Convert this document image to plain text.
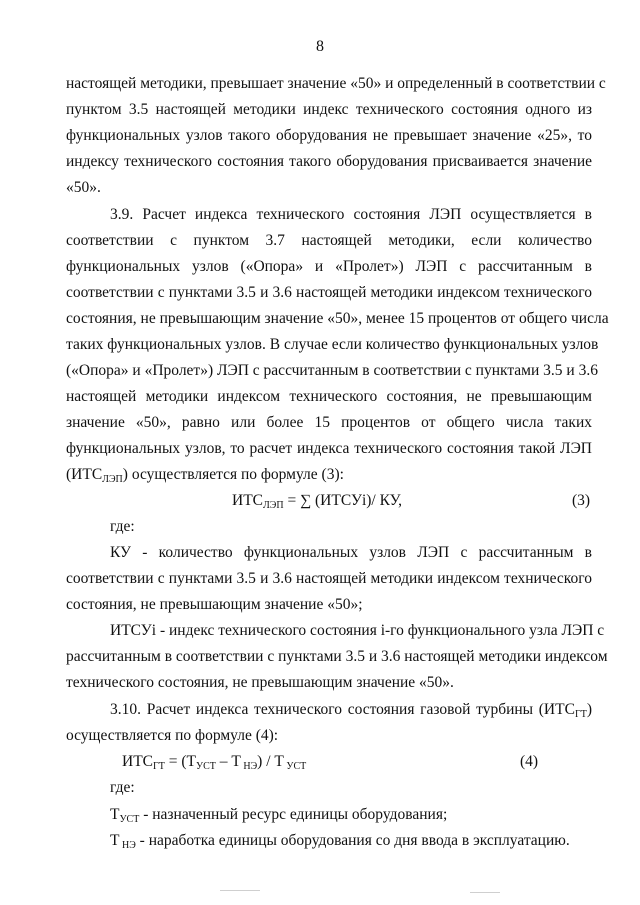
8
настоящей методики, превышает значение «50» и определенный в соответствии с
пунктом 3.5 настоящей методики индекс технического состояния одного из
функциональных узлов такого оборудования не превышает значение «25», то
индексу технического состояния такого оборудования присваивается значение
«50».
3.9. Расчет индекса технического состояния ЛЭП осуществляется в
соответствии с пунктом 3.7 настоящей методики, если количество
функциональных узлов («Опора» и «Пролет») ЛЭП с рассчитанным в
соответствии с пунктами 3.5 и 3.6 настоящей методики индексом технического
состояния, не превышающим значение «50», менее 15 процентов от общего числа
таких функциональных узлов. В случае если количество функциональных узлов
(«Опора» и «Пролет») ЛЭП с рассчитанным в соответствии с пунктами 3.5 и 3.6
настоящей методики индексом технического состояния, не превышающим
значение «50», равно или более 15 процентов от общего числа таких
функциональных узлов, то расчет индекса технического состояния такой ЛЭП
$(ИТС_{ЛЭП})$ осуществляется по формуле (3):
$ИТС_{ЛЭП}$ = ∑ (ИТСУi)/ КУ,	(3)
где:
КУ - количество функциональных узлов ЛЭП с рассчитанным в
соответствии с пунктами 3.5 и 3.6 настоящей методики индексом технического
состояния, не превышающим значение «50»;
ИТСУi - индекс технического состояния i-го функционального узла ЛЭП с
рассчитанным в соответствии с пунктами 3.5 и 3.6 настоящей методики индексом
технического состояния, не превышающим значение «50».
3.10. Расчет индекса технического состояния газовой турбины $(ИТС_{ГТ})$
осуществляется по формуле (4):
$ИТС_{ГТ} = (Т_{УСТ} - Т$ $_{НЭ}$) / Т $_{УСТ}$	(4)
где:
$Т_{УСТ}$ - назначенный ресурс единицы оборудования;
Т $_{НЭ}$ - наработка единицы оборудования со дня ввода в эксплуатацию.
